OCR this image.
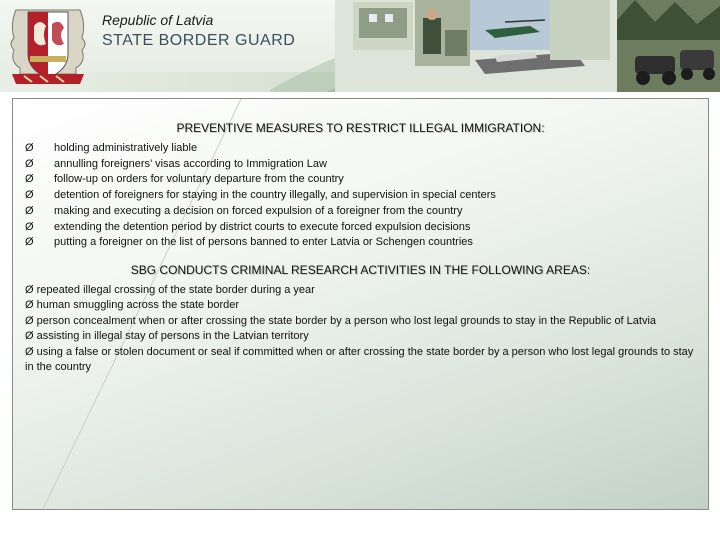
Republic of Latvia
STATE BORDER GUARD
PREVENTIVE MEASURES TO RESTRICT ILLEGAL IMMIGRATION:
Ø holding administratively liable
Ø annulling foreigners’ visas according to Immigration Law
Ø follow-up on orders for voluntary departure from the country
Ø detention of foreigners for staying in the country illegally, and supervision in special centers
Ø making and executing a decision on forced expulsion of a foreigner from the country
Ø extending the detention period by district courts to execute forced expulsion decisions
Ø putting a foreigner on the list of persons banned to enter Latvia or Schengen countries
SBG CONDUCTS CRIMINAL RESEARCH ACTIVITIES IN THE FOLLOWING AREAS:
Ø repeated illegal crossing of the state border during a year
Ø human smuggling across the state border
Ø person concealment when or after crossing the state border by a person who lost legal grounds to stay in the Republic of Latvia
Ø assisting in illegal stay of persons in the Latvian territory
Ø using a false or stolen document or seal if committed when or after crossing the state border by a person who lost legal grounds to stay in the country
